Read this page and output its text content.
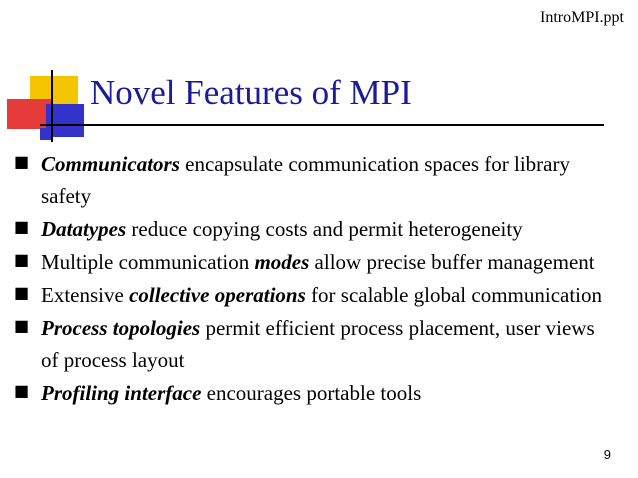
IntroMPI.ppt
Novel Features of MPI
■ Communicators encapsulate communication spaces for library safety
■ Datatypes reduce copying costs and permit heterogeneity
■ Multiple communication modes allow precise buffer management
■ Extensive collective operations for scalable global communication
■ Process topologies permit efficient process placement, user views of process layout
■ Profiling interface encourages portable tools
9
